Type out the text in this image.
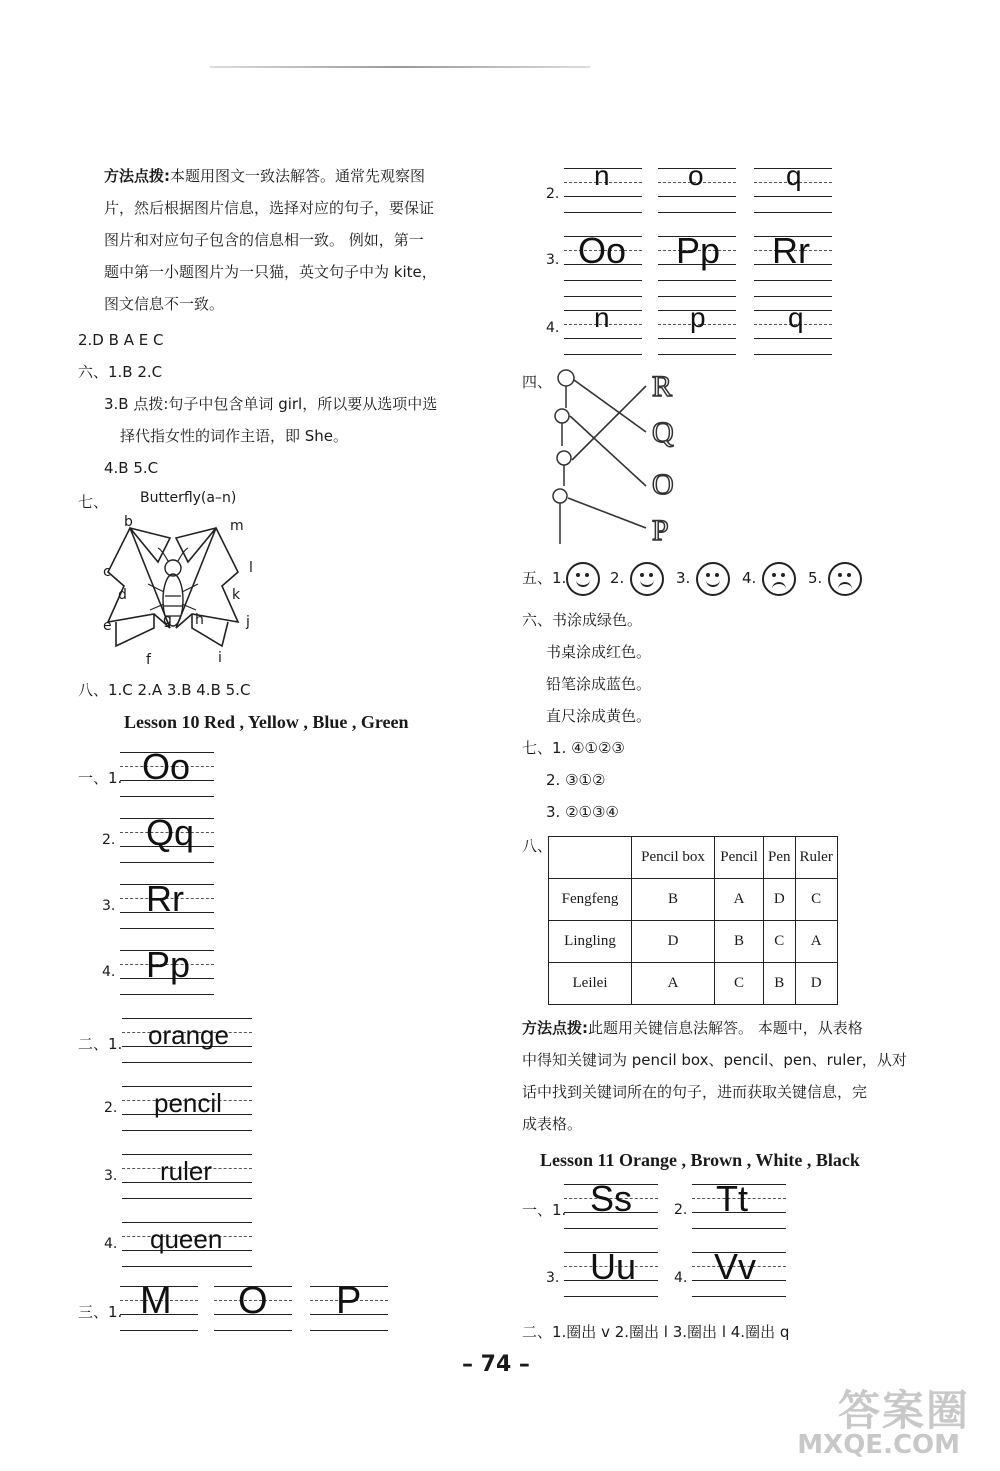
方法点拨:本题用图文一致法解答。通常先观察图
片，然后根据图片信息，选择对应的句子，要保证
图片和对应句子包含的信息相一致。 例如，第一
题中第一小题图片为一只猫，英文句子中为 kite，
图文信息不一致。
2.D B A E C
六、1.B 2.C
3.B 点拨:句子中包含单词 girl，所以要从选项中选
择代指女性的词作主语，即 She。
4.B 5.C
七、 Butterfly(a–n)
b	m
c	l
d	k
e	g h	j
f	i
八、1.C 2.A 3.B 4.B 5.C
Lesson 10 Red , Yellow , Blue , Green
一、1. Oo
2. Qq
3. Rr
4. Pp
二、1. orange
2. pencil
3. ruler
4. queen
三、1. M O P
2.
n	o	q
3. Oo Pp Rr
4. n	p	q
四、	R
Q
O
P
五、1.	2.	3.	4.	5.
六、书涂成绿色。
书桌涂成红色。
铅笔涂成蓝色。
直尺涂成黄色。
七、1. ④①②③
2. ③①②
3. ②①③④
八、
	Pencil box	Pencil	Pen	Ruler
Fengfeng	B	A	D	C
Lingling	D	B	C	A
Leilei	A	C	B	D
方法点拨:此题用关键信息法解答。 本题中，从表格
中得知关键词为 pencil box、pencil、pen、ruler，从对
话中找到关键词所在的句子，进而获取关键信息，完
成表格。
Lesson 11 Orange , Brown , White , Black
一、1. Ss	2. Tt
3. Uu	4. Vv
二、1.圈出 v 2.圈出 l 3.圈出 l 4.圈出 q
– 74 –
答案圈
MXQE.COM
